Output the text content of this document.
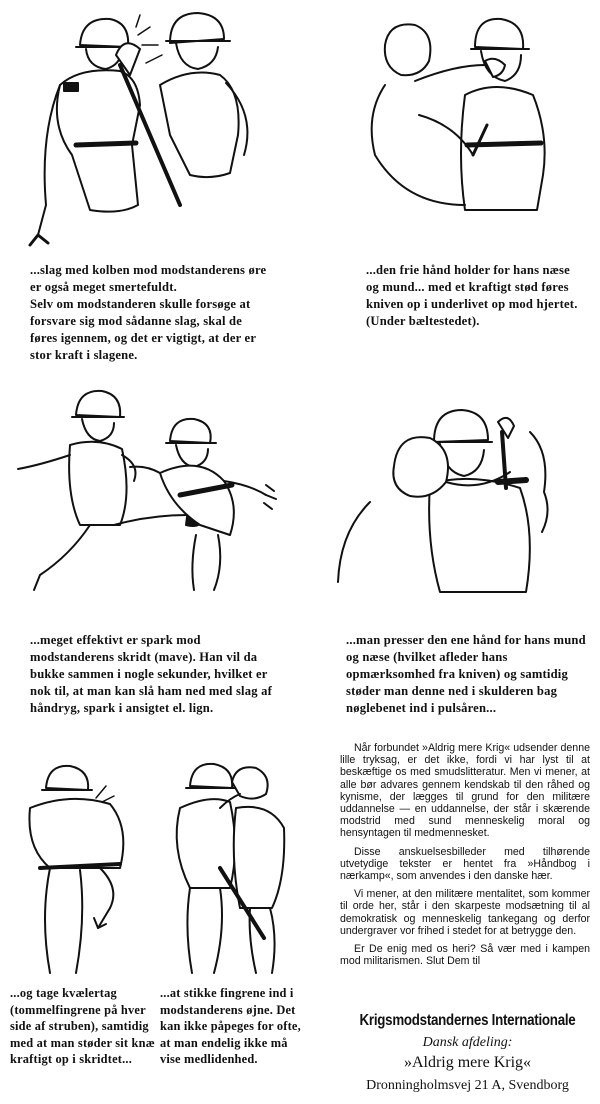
...slag med kolben mod modstanderens øre er også meget smertefuldt.
Selv om modstanderen skulle forsøge at forsvare sig mod sådanne slag, skal de føres igennem, og det er vigtigt, at der er stor kraft i slagene.

...den frie hånd holder for hans næse og mund... med et kraftigt stød føres kniven op i underlivet op mod hjertet. (Under bæltestedet).

...meget effektivt er spark mod modstanderens skridt (mave). Han vil da bukke sammen i nogle sekunder, hvilket er nok til, at man kan slå ham ned med slag af håndryg, spark i ansigtet el. lign.

...man presser den ene hånd for hans mund og næse (hvilket afleder hans opmærksomhed fra kniven) og samtidig støder man denne ned i skulderen bag nøglebenet ind i pulsåren...

...og tage kvælertag (tommelfingrene på hver side af struben), samtidig med at man støder sit knæ kraftigt op i skridtet...

...at stikke fingrene ind i modstanderens øjne. Det kan ikke påpeges for ofte, at man endelig ikke må vise medlidenhed.

Når forbundet »Aldrig mere Krig« udsender denne lille tryksag, er det ikke, fordi vi har lyst til at beskæftige os med smudslitteratur. Men vi mener, at alle bør advares gennem kendskab til den råhed og kynisme, der lægges til grund for den militære uddannelse — en uddannelse, der står i skærende modstrid med sund menneskelig moral og hensyntagen til medmennesket.

Disse anskuelsesbilleder med tilhørende utvetydige tekster er hentet fra »Håndbog i nærkamp«, som anvendes i den danske hær.

Vi mener, at den militære mentalitet, som kommer til orde her, står i den skarpeste modsætning til al demokratisk og menneskelig tankegang og derfor undergraver vor frihed i stedet for at betrygge den.

Er De enig med os heri? Så vær med i kampen mod militarismen. Slut Dem til

Krigsmodstandernes Internationale
Dansk afdeling:
»Aldrig mere Krig«
Dronningholmsvej 21 A, Svendborg
